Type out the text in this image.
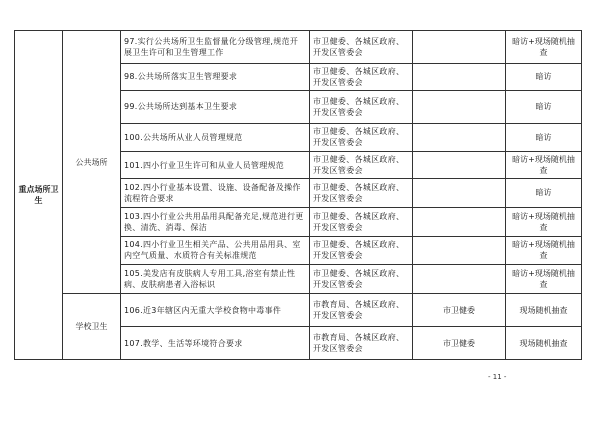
重点场所卫生	公共场所	97.实行公共场所卫生监督量化分级管理,规范开展卫生许可和卫生管理工作	市卫健委、各城区政府、开发区管委会		暗访+现场随机抽查
		98.公共场所落实卫生管理要求	市卫健委、各城区政府、开发区管委会		暗访
		99.公共场所达到基本卫生要求	市卫健委、各城区政府、开发区管委会		暗访
		100.公共场所从业人员管理规范	市卫健委、各城区政府、开发区管委会		暗访
		101.四小行业卫生许可和从业人员管理规范	市卫健委、各城区政府、开发区管委会		暗访+现场随机抽查
		102.四小行业基本设置、设施、设备配备及操作流程符合要求	市卫健委、各城区政府、开发区管委会		暗访
		103.四小行业公共用品用具配备充足,规范进行更换、清洗、消毒、保洁	市卫健委、各城区政府、开发区管委会		暗访+现场随机抽查
		104.四小行业卫生相关产品、公共用品用具、室内空气质量、水质符合有关标准规范	市卫健委、各城区政府、开发区管委会		暗访+现场随机抽查
		105.美发店有皮肤病人专用工具,浴室有禁止性病、皮肤病患者入浴标识	市卫健委、各城区政府、开发区管委会		暗访+现场随机抽查
	学校卫生	106.近3年辖区内无重大学校食物中毒事件	市教育局、各城区政府、开发区管委会	市卫健委	现场随机抽查
		107.教学、生活等环境符合要求	市教育局、各城区政府、开发区管委会	市卫健委	现场随机抽查
- 11 -
